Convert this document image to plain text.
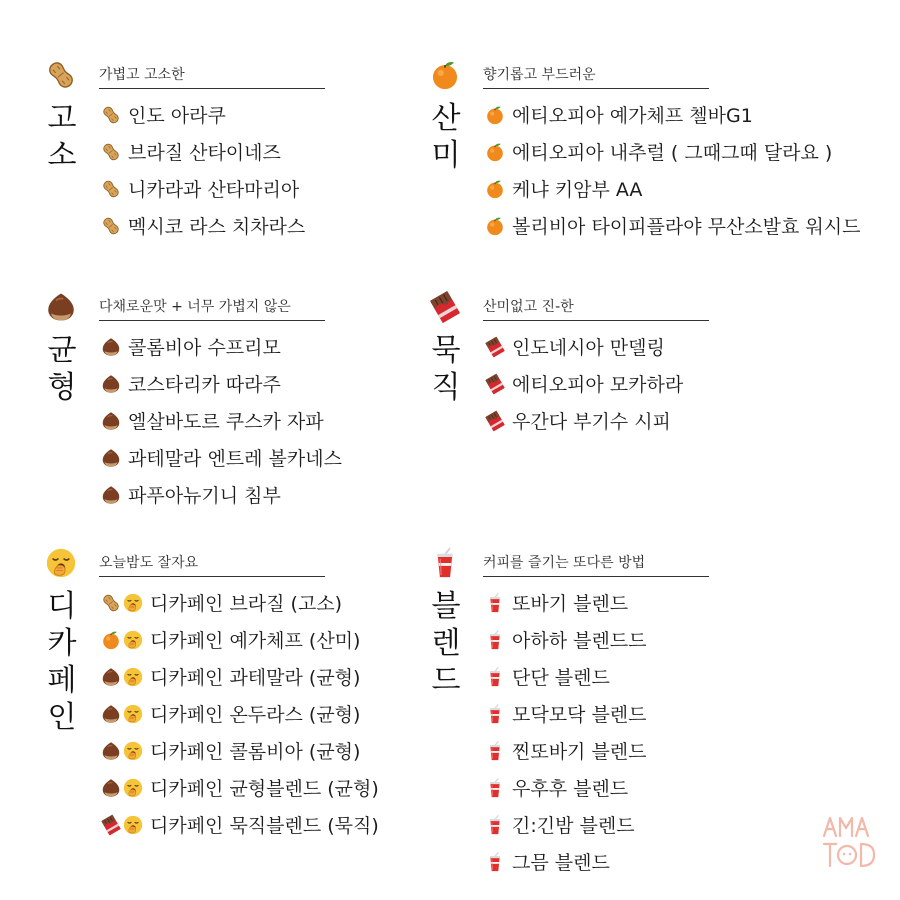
가볍고 고소한
고
소
인도 아라쿠
브라질 산타이네즈
니카라과 산타마리아
멕시코 라스 치차라스
향기롭고 부드러운
산
미
에티오피아 예가체프 첼바G1
에티오피아 내추럴 ( 그때그때 달라요 )
케냐 키암부 AA
볼리비아 타이피플라야 무산소발효 워시드
다채로운맛 + 너무 가볍지 않은
균
형
콜롬비아 수프리모
코스타리카 따라주
엘살바도르 쿠스카 자파
과테말라 엔트레 볼카네스
파푸아뉴기니 침부
산미없고 진-한
묵
직
인도네시아 만델링
에티오피아 모카하라
우간다 부기수 시피
오늘밤도 잘자요
디
카
페
인
디카페인 브라질 (고소)
디카페인 예가체프 (산미)
디카페인 과테말라 (균형)
디카페인 온두라스 (균형)
디카페인 콜롬비아 (균형)
디카페인 균형블렌드 (균형)
디카페인 묵직블렌드 (묵직)
커피를 즐기는 또다른 방법
블
렌
드
또바기 블렌드
아하하 블렌드드
단단 블렌드
모닥모닥 블렌드
찐또바기 블렌드
우후후 블렌드
긴:긴밤 블렌드
그믐 블렌드
